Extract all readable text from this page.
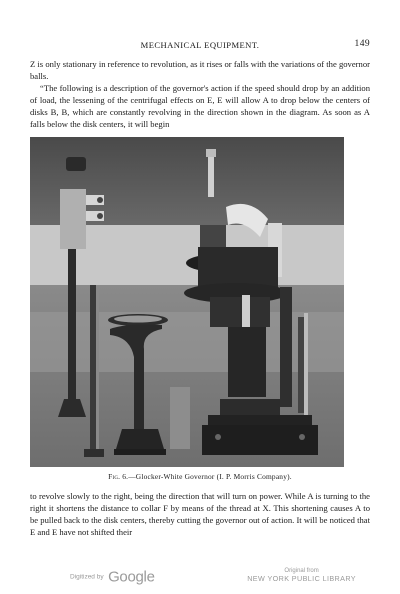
MECHANICAL EQUIPMENT.	149
Z is only stationary in reference to revolution, as it rises or falls with the variations of the governor balls.
“The following is a description of the governor's action if the speed should drop by an addition of load, the lessening of the centrifugal effects on E, E will allow A to drop below the centers of disks B, B, which are constantly revolving in the direction shown in the diagram. As soon as A falls below the disk centers, it will begin
Fig. 6.—Glocker-White Governor (I. P. Morris Company).
to revolve slowly to the right, being the direction that will turn on power. While A is turning to the right it shortens the distance to collar F by means of the thread at X. This shortening causes A to be pulled back to the disk centers, thereby cutting the governor out of action. It will be noticed that E and E have not shifted their
Digitized by Google	Original from
NEW YORK PUBLIC LIBRARY
